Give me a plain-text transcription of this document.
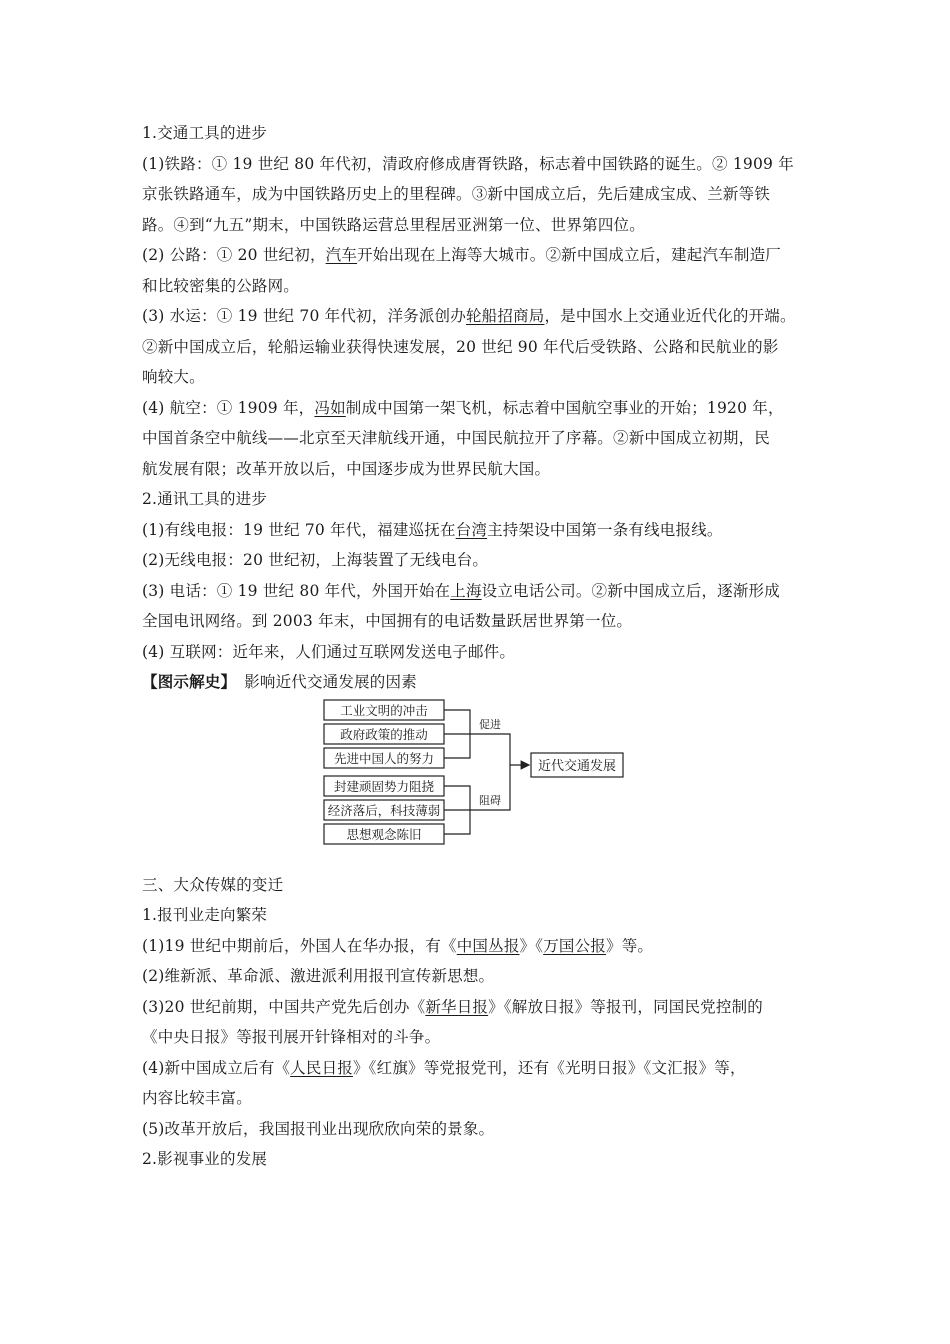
1.交通工具的进步
(1)铁路：① 19 世纪 80 年代初，清政府修成唐胥铁路，标志着中国铁路的诞生。② 1909 年
京张铁路通车，成为中国铁路历史上的里程碑。③新中国成立后，先后建成宝成、兰新等铁
路。④到“九五”期末，中国铁路运营总里程居亚洲第一位、世界第四位。
(2) 公路：① 20 世纪初，汽车开始出现在上海等大城市。②新中国成立后，建起汽车制造厂
和比较密集的公路网。
(3) 水运：① 19 世纪 70 年代初，洋务派创办轮船招商局，是中国水上交通业近代化的开端。
②新中国成立后，轮船运输业获得快速发展，20 世纪 90 年代后受铁路、公路和民航业的影
响较大。
(4) 航空：① 1909 年，冯如制成中国第一架飞机，标志着中国航空事业的开始；1920 年，
中国首条空中航线——北京至天津航线开通，中国民航拉开了序幕。②新中国成立初期，民
航发展有限；改革开放以后，中国逐步成为世界民航大国。
2.通讯工具的进步
(1)有线电报：19 世纪 70 年代，福建巡抚在台湾主持架设中国第一条有线电报线。
(2)无线电报：20 世纪初，上海装置了无线电台。
(3) 电话：① 19 世纪 80 年代，外国开始在上海设立电话公司。②新中国成立后，逐渐形成
全国电讯网络。到 2003 年末，中国拥有的电话数量跃居世界第一位。
(4) 互联网：近年来，人们通过互联网发送电子邮件。
【图示解史】 影响近代交通发展的因素
工业文明的冲击
政府政策的推动
先进中国人的努力
封建顽固势力阻挠
经济落后，科技薄弱
思想观念陈旧
促进
阻碍
近代交通发展
三、大众传媒的变迁
1.报刊业走向繁荣
(1)19 世纪中期前后，外国人在华办报，有《中国丛报》《万国公报》等。
(2)维新派、革命派、激进派利用报刊宣传新思想。
(3)20 世纪前期，中国共产党先后创办《新华日报》《解放日报》等报刊，同国民党控制的
《中央日报》等报刊展开针锋相对的斗争。
(4)新中国成立后有《人民日报》《红旗》等党报党刊，还有《光明日报》《文汇报》等，
内容比较丰富。
(5)改革开放后，我国报刊业出现欣欣向荣的景象。
2.影视事业的发展
